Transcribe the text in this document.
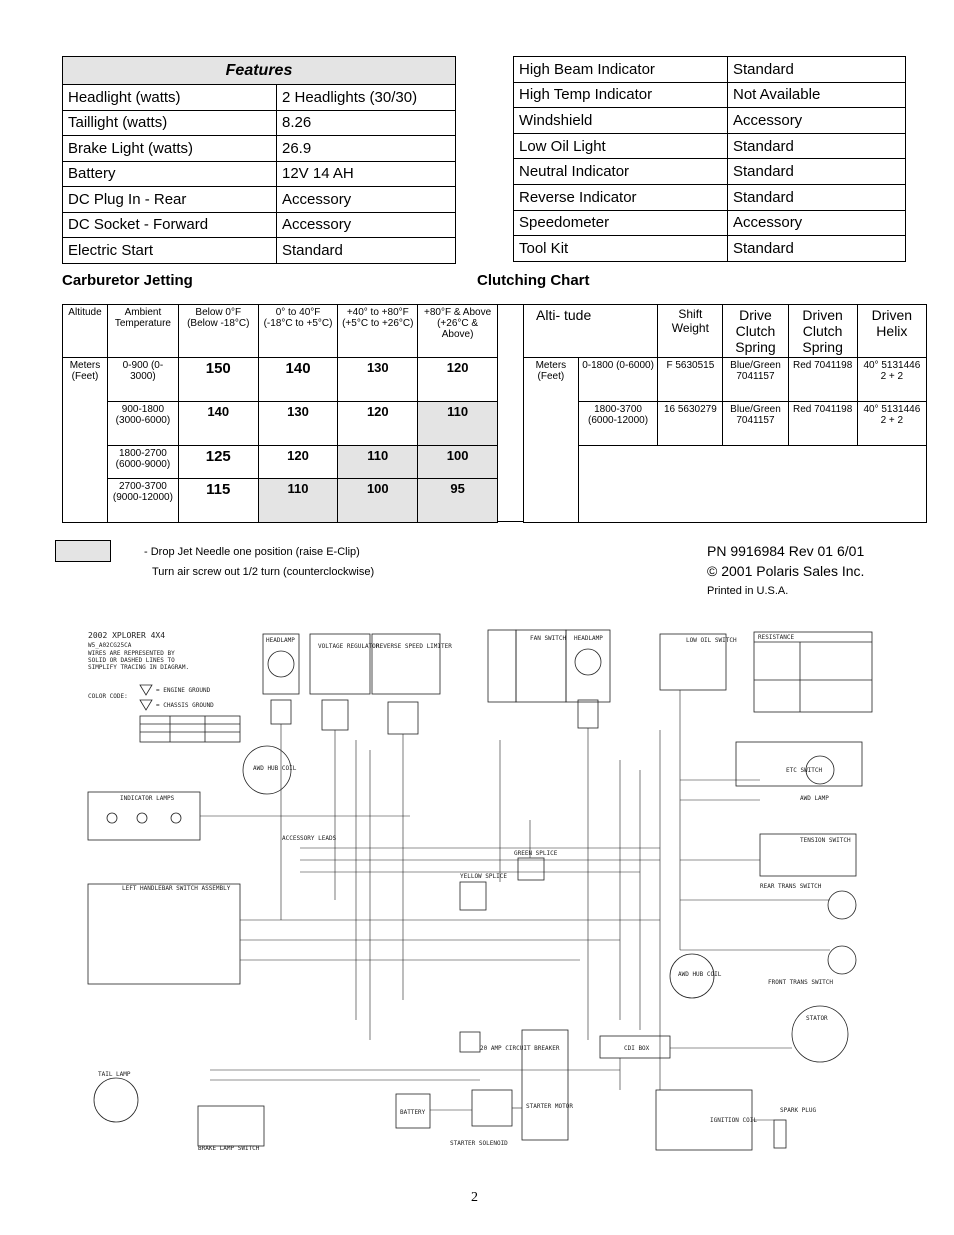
Features	
Headlight (watts)	2 Headlights (30/30)
Taillight (watts)	8.26
Brake Light (watts)	26.9
Battery	12V 14 AH
DC Plug In - Rear	Accessory
DC Socket - Forward	Accessory
Electric Start	Standard
High Beam Indicator	Standard
High Temp Indicator	Not Available
Windshield	Accessory
Low Oil Light	Standard
Neutral Indicator	Standard
Reverse Indicator	Standard
Speedometer	Accessory
Tool Kit	Standard
Carburetor Jetting	Clutching Chart
Altitude	Ambient Temperature	Below 0°F (Below -18°C)	0° to 40°F (-18°C to +5°C)	+40° to +80°F (+5°C to +26°C)	+80°F & Above (+26°C & Above)
Meters (Feet)	0-900 (0-3000)	150	140	130	120
	900-1800 (3000-6000)	140	130	120	110
	1800-2700 (6000-9000)	125	120	110	100
	2700-3700 (9000-12000)	115	110	100	95
Alti- tude		Shift Weight	Drive Clutch Spring	Driven Clutch Spring	Driven Helix
Meters (Feet)	0-1800 (0-6000)	F 5630515	Blue/Green 7041157	Red 7041198	40° 5131446 2 + 2
	1800-3700 (6000-12000)	16 5630279	Blue/Green 7041157	Red 7041198	40° 5131446 2 + 2

- Drop Jet Needle one position (raise E-Clip)
Turn air screw out 1/2 turn (counterclockwise)
PN 9916984 Rev 01 6/01
© 2001 Polaris Sales Inc.
Printed in U.S.A.
2002 XPLORER 4X4
W5_A02CG25CA
WIRES ARE REPRESENTED BY
SOLID OR DASHED LINES TO
SIMPLIFY TRACING IN DIAGRAM.
COLOR CODE:
= ENGINE GROUND
= CHASSIS GROUND
HEADLAMP
VOLTAGE REGULATOR
REVERSE SPEED LIMITER
FAN SWITCH HEADLAMP	LOW OIL SWITCH	RESISTANCE
INDICATOR LAMPS
LEFT HANDLEBAR SWITCH ASSEMBLY
AWD HUB COIL
ACCESSORY LEADS
YELLOW SPLICE
GREEN SPLICE
ETC SWITCH
AWD LAMP
TENSION SWITCH
REAR TRANS SWITCH
FRONT TRANS SWITCH
AWD HUB COIL
STATOR
CDI BOX
IGNITION COIL
SPARK PLUG
TAIL LAMP
BRAKE LAMP SWITCH
BATTERY
20 AMP CIRCUIT BREAKER
STARTER MOTOR
STARTER SOLENOID
2
